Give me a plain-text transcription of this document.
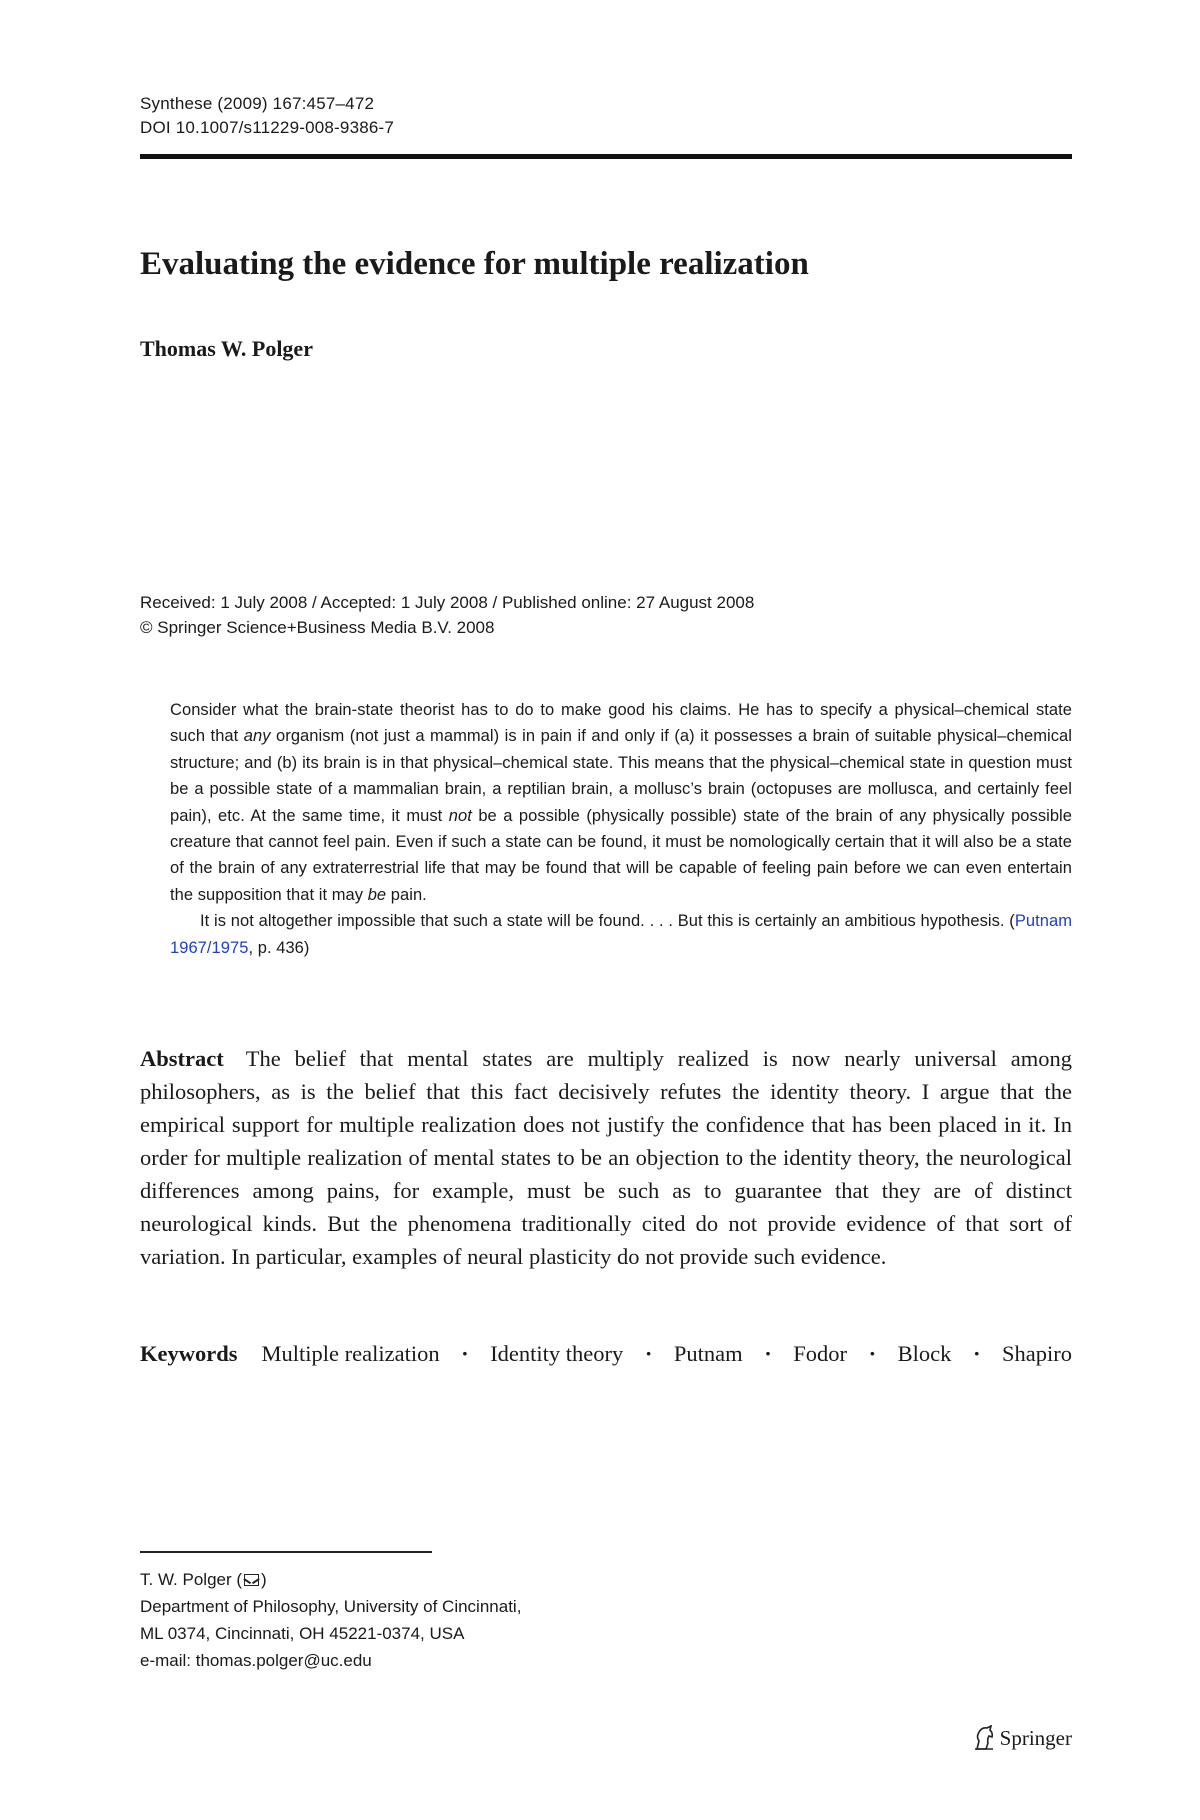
Synthese (2009) 167:457–472
DOI 10.1007/s11229-008-9386-7
Evaluating the evidence for multiple realization
Thomas W. Polger
Received: 1 July 2008 / Accepted: 1 July 2008 / Published online: 27 August 2008
© Springer Science+Business Media B.V. 2008

Consider what the brain-state theorist has to do to make good his claims. He has to specify a physical–chemical state such that any organism (not just a mammal) is in pain if and only if (a) it possesses a brain of suitable physical–chemical structure; and (b) its brain is in that physical–chemical state. This means that the physical–chemical state in question must be a possible state of a mammalian brain, a reptilian brain, a mollusc’s brain (octopuses are mollusca, and certainly feel pain), etc. At the same time, it must not be a possible (physically possible) state of the brain of any physically possible creature that cannot feel pain. Even if such a state can be found, it must be nomologically certain that it will also be a state of the brain of any extraterrestrial life that may be found that will be capable of feeling pain before we can even entertain the supposition that it may be pain.

It is not altogether impossible that such a state will be found. . . . But this is certainly an ambitious hypothesis. (Putnam 1967/1975, p. 436)

Abstract The belief that mental states are multiply realized is now nearly universal among philosophers, as is the belief that this fact decisively refutes the identity theory. I argue that the empirical support for multiple realization does not justify the confidence that has been placed in it. In order for multiple realization of mental states to be an objection to the identity theory, the neurological differences among pains, for example, must be such as to guarantee that they are of distinct neurological kinds. But the phenomena traditionally cited do not provide evidence of that sort of variation. In particular, examples of neural plasticity do not provide such evidence.

Keywords Multiple realization · Identity theory · Putnam · Fodor · Block · Shapiro
T. W. Polger ( )
Department of Philosophy, University of Cincinnati,
ML 0374, Cincinnati, OH 45221-0374, USA
e-mail: thomas.polger@uc.edu
Springer
